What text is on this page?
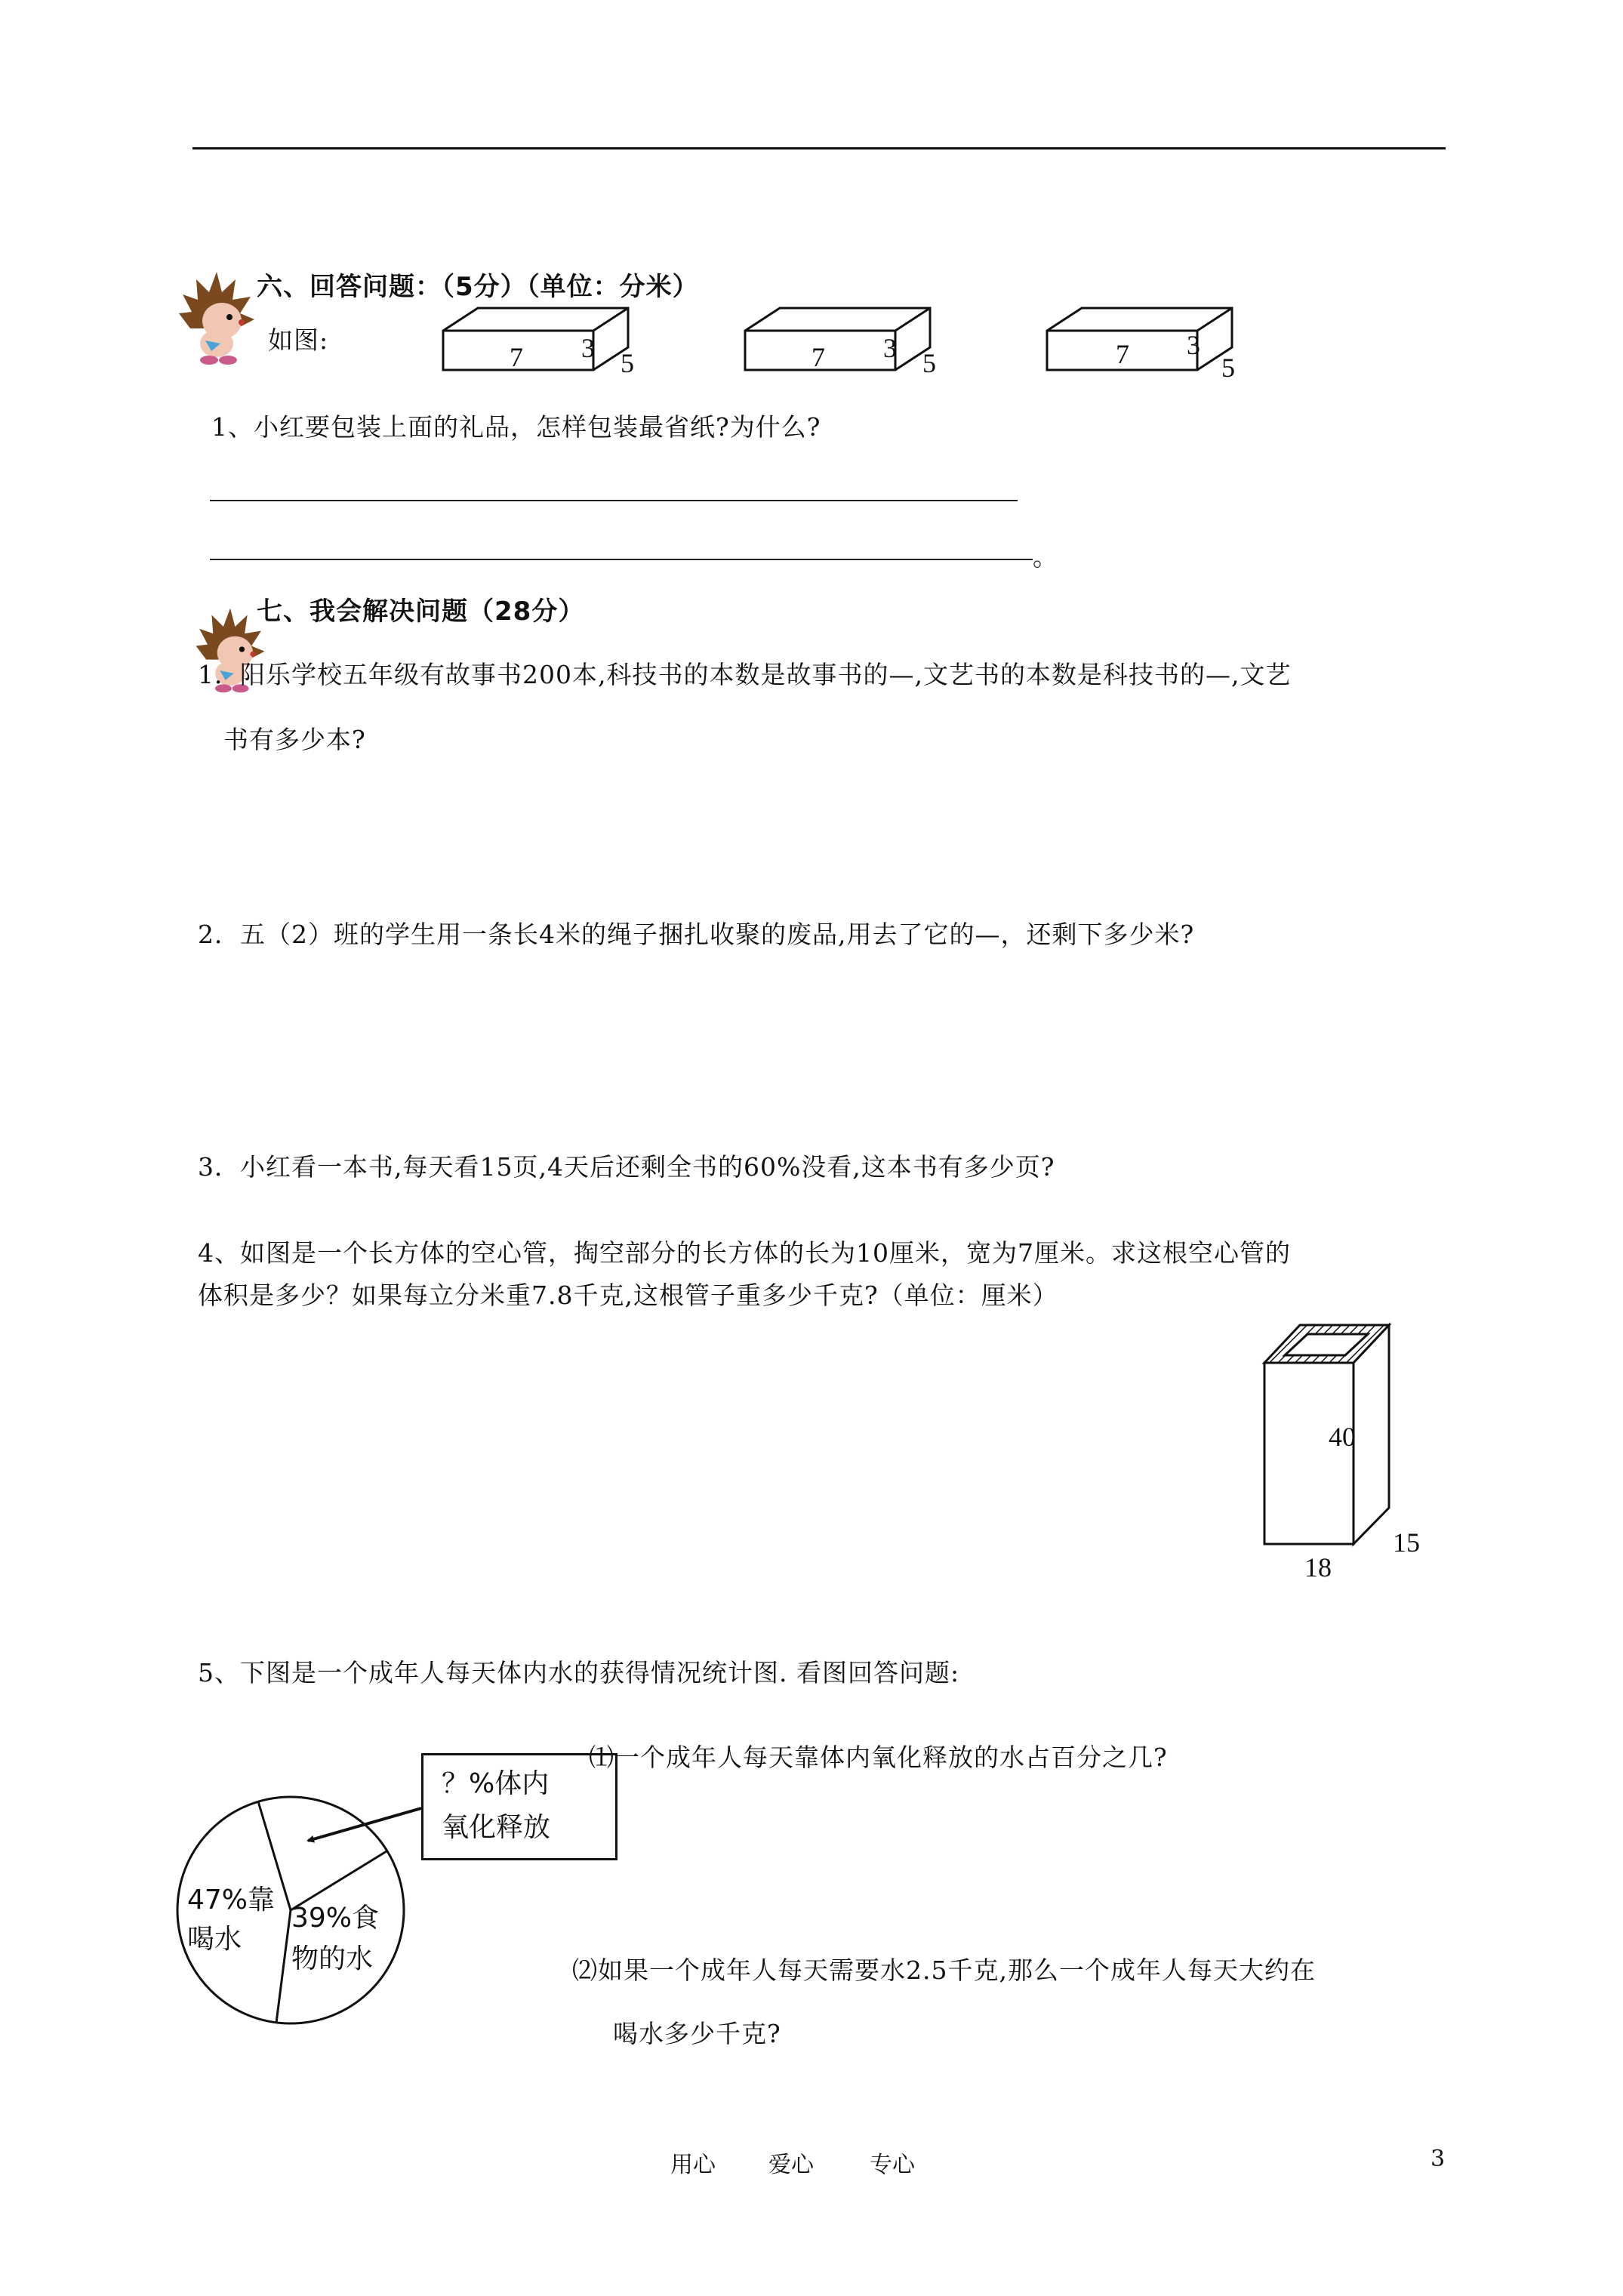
六、回答问题：（5分）（单位：分米）
如图:
7 3 5	7 3 5	7 3
5
1、小红要包装上面的礼品，怎样包装最省纸?为什么?
。
七、我会解决问题（28分）
1．阳乐学校五年级有故事书200本,科技书的本数是故事书的—,文艺书的本数是科技书的—,文艺
书有多少本?
2．五（2）班的学生用一条长4米的绳子捆扎收聚的废品,用去了它的—，还剩下多少米?
3．小红看一本书,每天看15页,4天后还剩全书的60%没看,这本书有多少页?
4、如图是一个长方体的空心管，掏空部分的长方体的长为10厘米，宽为7厘米。求这根空心管的
体积是多少？如果每立分米重7.8千克,这根管子重多少千克?（单位：厘米）
40
15
18
5、下图是一个成年人每天体内水的获得情况统计图. 看图回答问题:
⑴一个成年人每天靠体内氧化释放的水占百分之几?
47%靠
喝水
39%食
物的水
？%体内
氧化释放
⑵如果一个成年人每天需要水2.5千克,那么一个成年人每天大约在
喝水多少千克?
用心 爱心 专心	3
